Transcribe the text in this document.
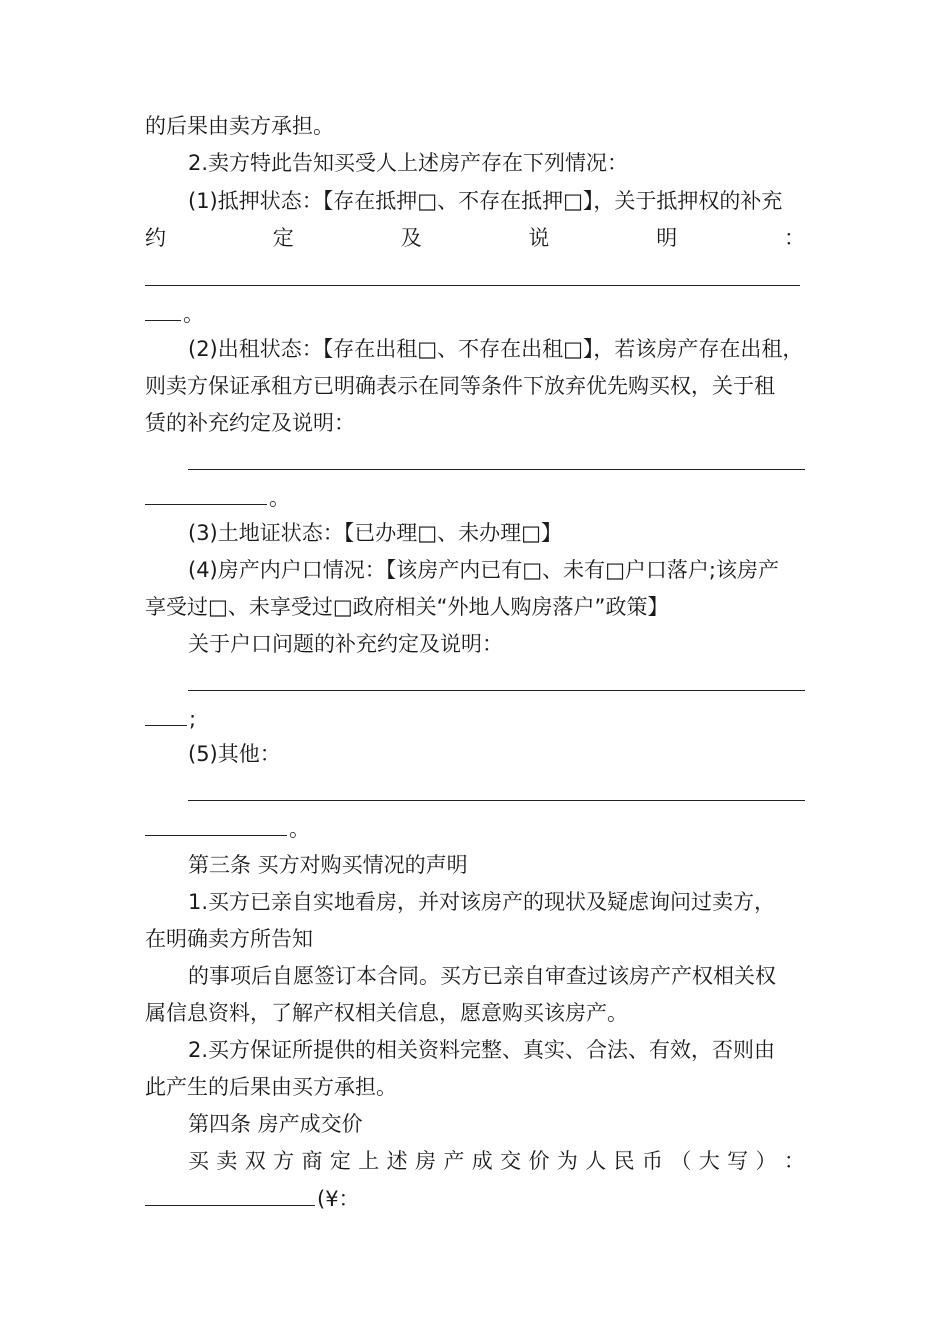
的后果由卖方承担。
2.卖方特此告知买受人上述房产存在下列情况：
(1)抵押状态：【存在抵押□、不存在抵押□】，关于抵押权的补充
约	定	及	说	明	：
。
(2)出租状态：【存在出租□、不存在出租□】，若该房产存在出租，
则卖方保证承租方已明确表示在同等条件下放弃优先购买权，关于租
赁的补充约定及说明：
。
(3)土地证状态：【已办理□、未办理□】
(4)房产内户口情况：【该房产内已有□、未有□户口落户;该房产
享受过□、未享受过□政府相关“外地人购房落户”政策】
关于户口问题的补充约定及说明：
;
(5)其他：
。
第三条 买方对购买情况的声明
1.买方已亲自实地看房，并对该房产的现状及疑虑询问过卖方，
在明确卖方所告知
的事项后自愿签订本合同。买方已亲自审查过该房产产权相关权
属信息资料，了解产权相关信息，愿意购买该房产。
2.买方保证所提供的相关资料完整、真实、合法、有效，否则由
此产生的后果由买方承担。
第四条 房产成交价
买 卖 双 方 商 定 上 述 房 产 成 交 价 为 人 民 币 （ 大 写 ） ：
(¥：
